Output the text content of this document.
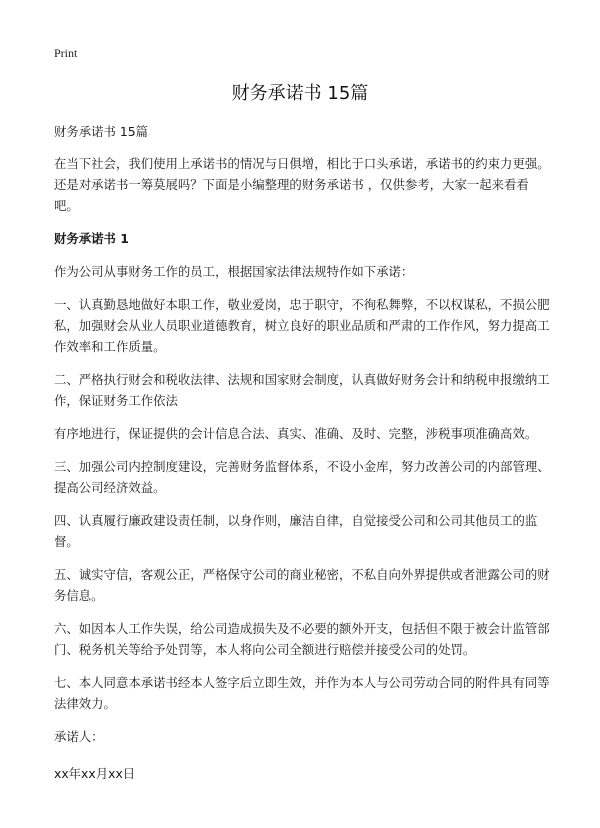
Print
财务承诺书 15篇

财务承诺书 15篇

在当下社会，我们使用上承诺书的情况与日俱增，相比于口头承诺，承诺书的约束力更强。还是对承诺书一筹莫展吗？下面是小编整理的财务承诺书 ，仅供参考，大家一起来看看吧。

财务承诺书 1

作为公司从事财务工作的员工，根据国家法律法规特作如下承诺：

一、认真勤恳地做好本职工作，敬业爱岗，忠于职守，不徇私舞弊，不以权谋私，不损公肥私，加强财会从业人员职业道德教育，树立良好的职业品质和严肃的工作作风，努力提高工作效率和工作质量。

二、严格执行财会和税收法律、法规和国家财会制度，认真做好财务会计和纳税申报缴纳工作，保证财务工作依法

有序地进行，保证提供的会计信息合法、真实、准确、及时、完整，涉税事项准确高效。

三、加强公司内控制度建设，完善财务监督体系，不设小金库，努力改善公司的内部管理、提高公司经济效益。

四、认真履行廉政建设责任制，以身作则，廉洁自律，自觉接受公司和公司其他员工的监督。

五、诚实守信，客观公正，严格保守公司的商业秘密，不私自向外界提供或者泄露公司的财务信息。

六、如因本人工作失误，给公司造成损失及不必要的额外开支，包括但不限于被会计监管部门、税务机关等给予处罚等，本人将向公司全额进行赔偿并接受公司的处罚。

七、本人同意本承诺书经本人签字后立即生效，并作为本人与公司劳动合同的附件具有同等法律效力。

承诺人：

xx年xx月xx日
